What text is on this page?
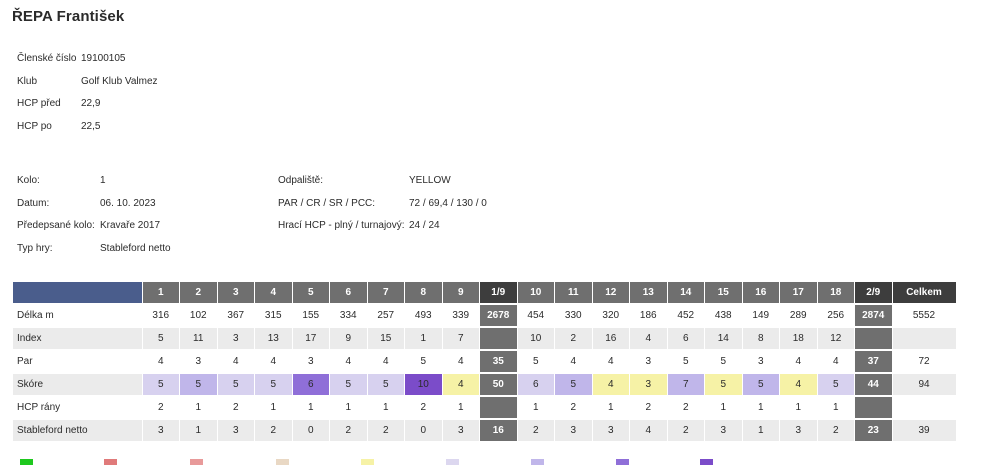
ŘEPA František
Členské číslo 19100105
Klub	Golf Klub Valmez
HCP před	22,9
HCP po	22,5
Kolo:	1
Datum:	06. 10. 2023
Předepsané kolo: Kravaře 2017
Typ hry:	Stableford netto
Odpaliště:	YELLOW
PAR / CR / SR / PCC:	72 / 69,4 / 130 / 0
Hrací HCP - plný / turnajový: 24 / 24
	1	2	3	4	5	6	7	8	9	1/9	10	11	12	13	14	15	16	17	18	2/9	Celkem
Délka m	316	102	367	315	155	334	257	493	339	2678	454	330	320	186	452	438	149	289	256	2874	5552
Index	5	11	3	13	17	9	15	1	7		10	2	16	4	6	14	8	18	12		
Par	4	3	4	4	3	4	4	5	4	35	5	4	4	3	5	5	3	4	4	37	72
Skóre	5	5	5	5	6	5	5	10	4	50	6	5	4	3	7	5	5	4	5	44	94
HCP rány	2	1	2	1	1	1	1	2	1		1	2	1	2	2	1	1	1	1		
Stableford netto	3	1	3	2	0	2	2	0	3	16	2	3	3	4	2	3	1	3	2	23	39
